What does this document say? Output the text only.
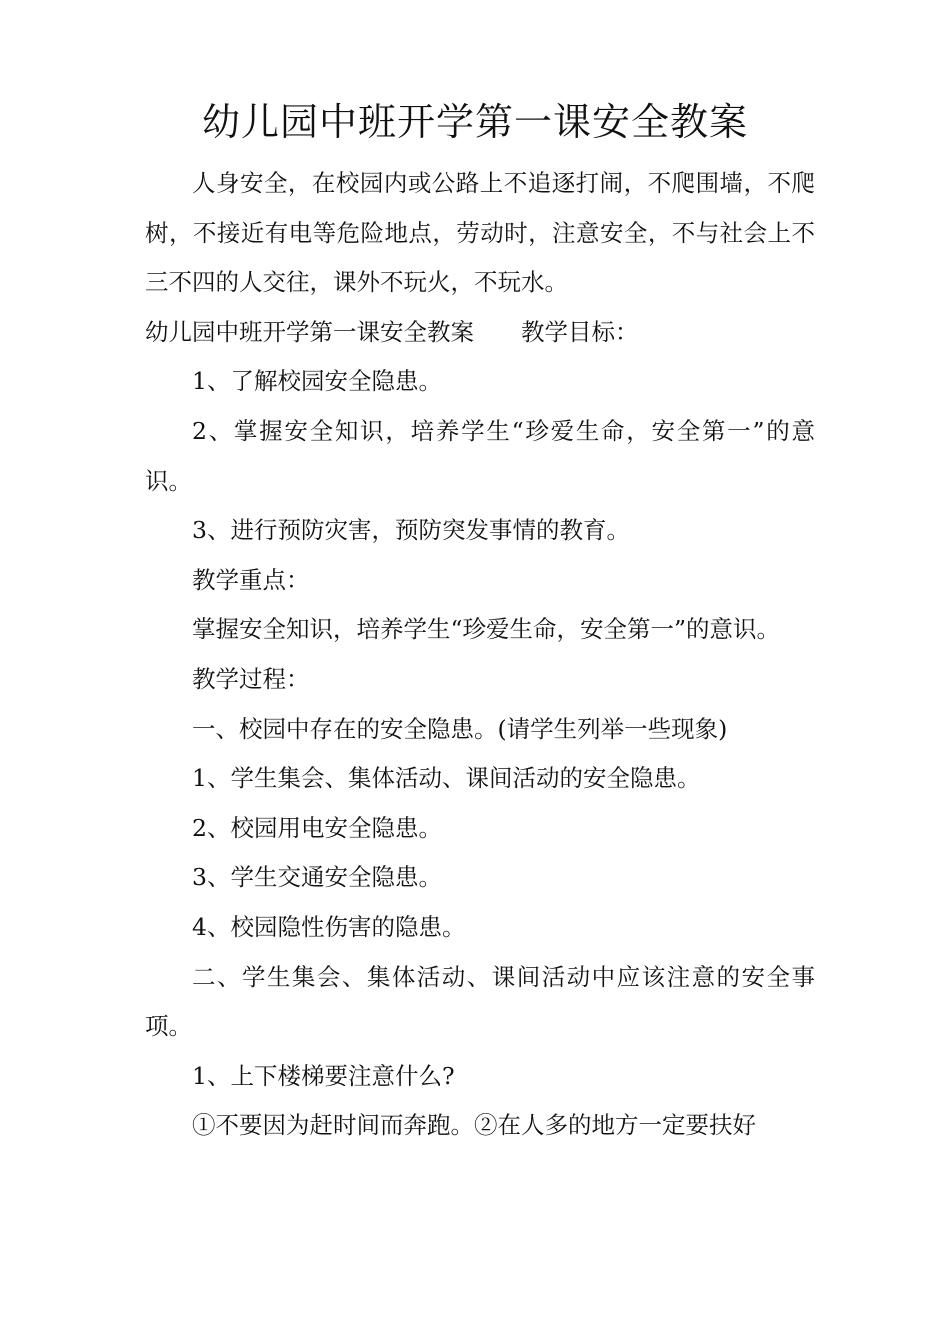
幼儿园中班开学第一课安全教案

人身安全，在校园内或公路上不追逐打闹，不爬围墙，不爬树，不接近有电等危险地点，劳动时，注意安全，不与社会上不三不四的人交往，课外不玩火，不玩水。

幼儿园中班开学第一课安全教案 教学目标：

1、了解校园安全隐患。

2、掌握安全知识，培养学生“珍爱生命，安全第一”的意识。

3、进行预防灾害，预防突发事情的教育。

教学重点：

掌握安全知识，培养学生“珍爱生命，安全第一”的意识。

教学过程：

一、校园中存在的安全隐患。(请学生列举一些现象)

1、学生集会、集体活动、课间活动的安全隐患。

2、校园用电安全隐患。

3、学生交通安全隐患。

4、校园隐性伤害的隐患。

二、学生集会、集体活动、课间活动中应该注意的安全事项。

1、上下楼梯要注意什么?

①不要因为赶时间而奔跑。②在人多的地方一定要扶好
